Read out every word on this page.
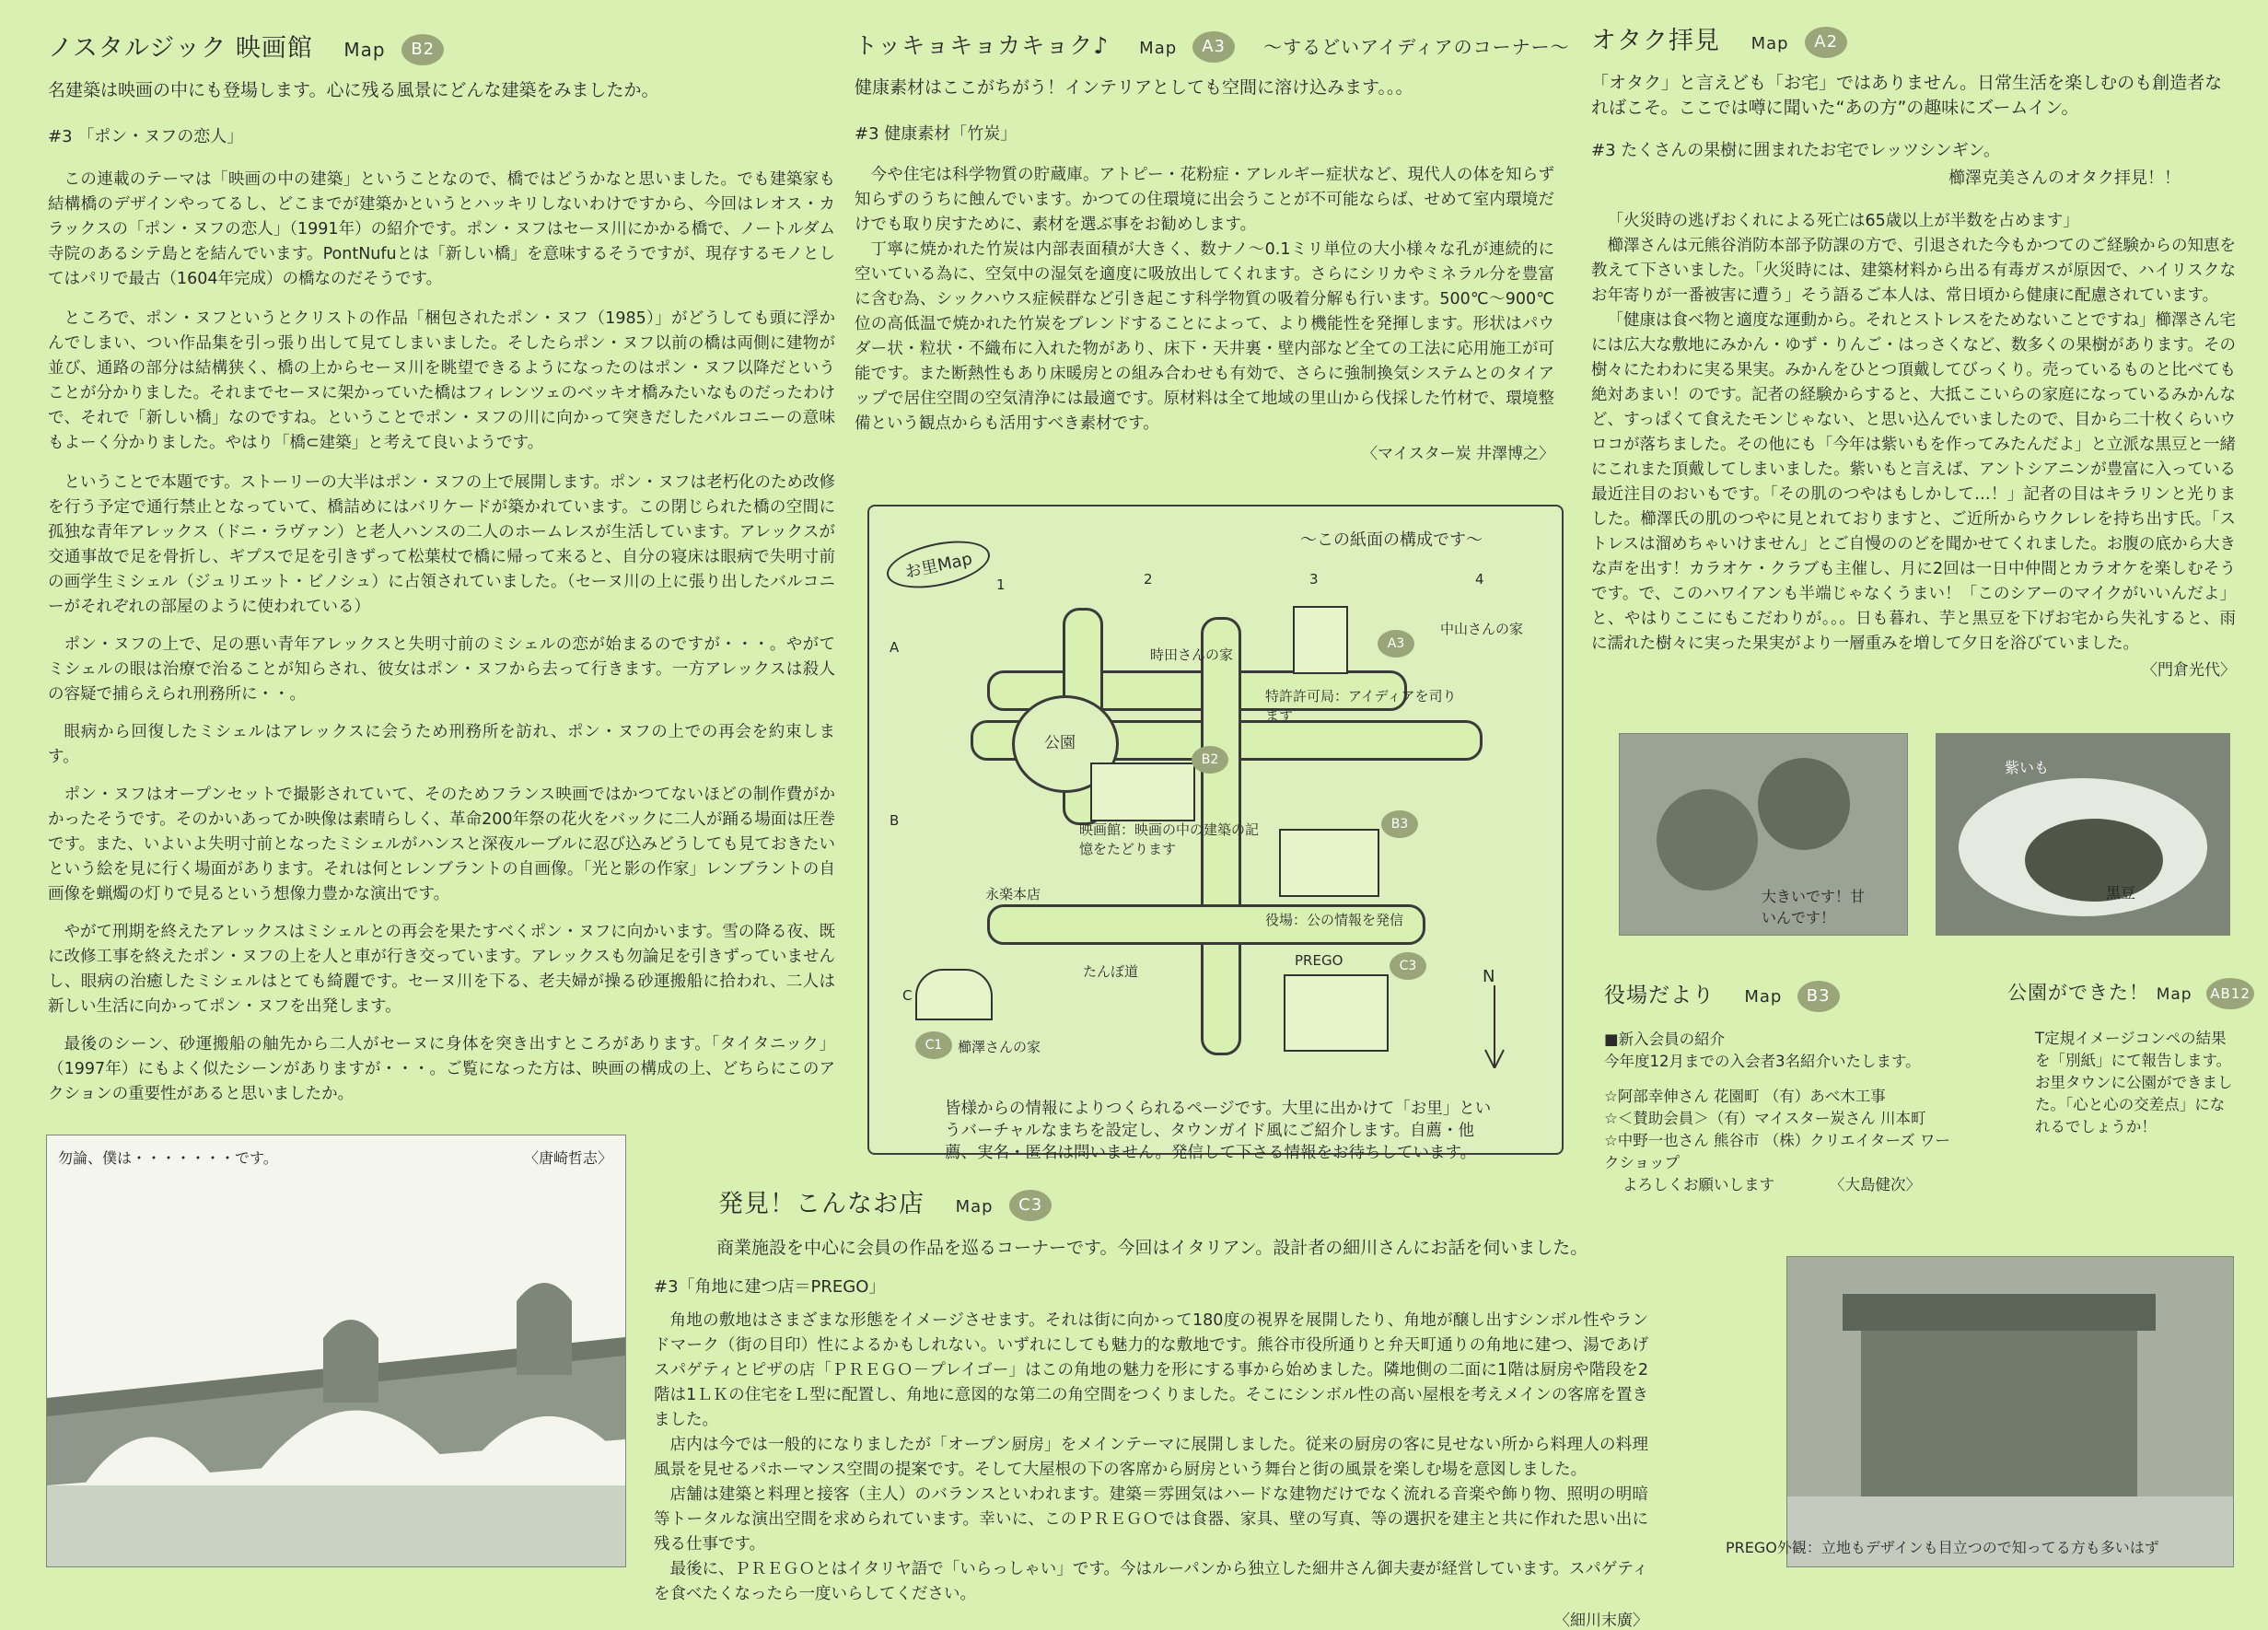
ノスタルジック 映画館 Map B2

名建築は映画の中にも登場します。心に残る風景にどんな建築をみましたか。

#3 「ポン・ヌフの恋人」

この連載のテーマは「映画の中の建築」ということなので、橋ではどうかなと思いました。でも建築家も結構橋のデザインやってるし、どこまでが建築かというとハッキリしないわけですから、今回はレオス・カラックスの「ポン・ヌフの恋人」（1991年）の紹介です。ポン・ヌフはセーヌ川にかかる橋で、ノートルダム寺院のあるシテ島とを結んでいます。PontNufuとは「新しい橋」を意味するそうですが、現存するモノとしてはパリで最古（1604年完成）の橋なのだそうです。

ところで、ポン・ヌフというとクリストの作品「梱包されたポン・ヌフ（1985）」がどうしても頭に浮かんでしまい、つい作品集を引っ張り出して見てしまいました。そしたらポン・ヌフ以前の橋は両側に建物が並び、通路の部分は結構狭く、橋の上からセーヌ川を眺望できるようになったのはポン・ヌフ以降だということが分かりました。それまでセーヌに架かっていた橋はフィレンツェのベッキオ橋みたいなものだったわけで、それで「新しい橋」なのですね。ということでポン・ヌフの川に向かって突きだしたバルコニーの意味もよーく分かりました。やはり「橋⊂建築」と考えて良いようです。

ということで本題です。ストーリーの大半はポン・ヌフの上で展開します。ポン・ヌフは老朽化のため改修を行う予定で通行禁止となっていて、橋詰めにはバリケードが築かれています。この閉じられた橋の空間に孤独な青年アレックス（ドニ・ラヴァン）と老人ハンスの二人のホームレスが生活しています。アレックスが交通事故で足を骨折し、ギプスで足を引きずって松葉杖で橋に帰って来ると、自分の寝床は眼病で失明寸前の画学生ミシェル（ジュリエット・ビノシュ）に占領されていました。（セーヌ川の上に張り出したバルコニーがそれぞれの部屋のように使われている）

ポン・ヌフの上で、足の悪い青年アレックスと失明寸前のミシェルの恋が始まるのですが・・・。やがてミシェルの眼は治療で治ることが知らされ、彼女はポン・ヌフから去って行きます。一方アレックスは殺人の容疑で捕らえられ刑務所に・・。

眼病から回復したミシェルはアレックスに会うため刑務所を訪れ、ポン・ヌフの上での再会を約束します。

ポン・ヌフはオープンセットで撮影されていて、そのためフランス映画ではかつてないほどの制作費がかかったそうです。そのかいあってか映像は素晴らしく、革命200年祭の花火をバックに二人が踊る場面は圧巻です。また、いよいよ失明寸前となったミシェルがハンスと深夜ルーブルに忍び込みどうしても見ておきたいという絵を見に行く場面があります。それは何とレンブラントの自画像。「光と影の作家」レンブラントの自画像を蝋燭の灯りで見るという想像力豊かな演出です。

やがて刑期を終えたアレックスはミシェルとの再会を果たすべくポン・ヌフに向かいます。雪の降る夜、既に改修工事を終えたポン・ヌフの上を人と車が行き交っています。アレックスも勿論足を引きずっていませんし、眼病の治癒したミシェルはとても綺麗です。セーヌ川を下る、老夫婦が操る砂運搬船に拾われ、二人は新しい生活に向かってポン・ヌフを出発します。

最後のシーン、砂運搬船の舳先から二人がセーヌに身体を突き出すところがあります。「タイタニック」（1997年）にもよく似たシーンがありますが・・・。ご覧になった方は、映画の構成の上、どちらにこのアクションの重要性があると思いましたか。

勿論、僕は・・・・・・・です。	〈唐崎哲志〉
トッキョキョカキョク♪ Map A3 ～するどいアイディアのコーナー～

健康素材はここがちがう！インテリアとしても空間に溶け込みます。。。

#3 健康素材「竹炭」

今や住宅は科学物質の貯蔵庫。アトピー・花粉症・アレルギー症状など、現代人の体を知らず知らずのうちに蝕んでいます。かつての住環境に出会うことが不可能ならば、せめて室内環境だけでも取り戻すために、素材を選ぶ事をお勧めします。

丁寧に焼かれた竹炭は内部表面積が大きく、数ナノ～0.1ミリ単位の大小様々な孔が連続的に空いている為に、空気中の湿気を適度に吸放出してくれます。さらにシリカやミネラル分を豊富に含む為、シックハウス症候群など引き起こす科学物質の吸着分解も行います。500℃～900℃位の高低温で焼かれた竹炭をブレンドすることによって、より機能性を発揮します。形状はパウダー状・粒状・不織布に入れた物があり、床下・天井裏・壁内部など全ての工法に応用施工が可能です。また断熱性もあり床暖房との組み合わせも有効で、さらに強制換気システムとのタイアップで居住空間の空気清浄には最適です。原材料は全て地域の里山から伐採した竹材で、環境整備という観点からも活用すべき素材です。

〈マイスター炭 井澤博之〉

お里Map
～この紙面の構成です～
1	2	3	4
A
B
C
公園
時田さんの家
中山さんの家
特許許可局：アイディアを司ります
A3
B2
映画館：映画の中の建築の記憶をたどります
永楽本店
B3
役場：公の情報を発信
たんぼ道
PREGO	C3
C1	櫛澤さんの家
N

皆様からの情報によりつくられるページです。大里に出かけて「お里」というバーチャルなまちを設定し、タウンガイド風にご紹介します。自薦・他薦、実名・匿名は問いません。発信して下さる情報をお待ちしています。

発見！こんなお店 Map C3

商業施設を中心に会員の作品を巡るコーナーです。今回はイタリアン。設計者の細川さんにお話を伺いました。

#3「角地に建つ店＝PREGO」

角地の敷地はさまざまな形態をイメージさせます。それは街に向かって180度の視界を展開したり、角地が醸し出すシンボル性やランドマーク（街の目印）性によるかもしれない。いずれにしても魅力的な敷地です。熊谷市役所通りと弁天町通りの角地に建つ、湯であげスパゲティとピザの店「ＰＲＥＧＯ－プレイゴー」はこの角地の魅力を形にする事から始めました。隣地側の二面に1階は厨房や階段を2階は1ＬＫの住宅をＬ型に配置し、角地に意図的な第二の角空間をつくりました。そこにシンボル性の高い屋根を考えメインの客席を置きました。

店内は今では一般的になりましたが「オープン厨房」をメインテーマに展開しました。従来の厨房の客に見せない所から料理人の料理風景を見せるパホーマンス空間の提案です。そして大屋根の下の客席から厨房という舞台と街の風景を楽しむ場を意図しました。

店舗は建築と料理と接客（主人）のバランスといわれます。建築＝雰囲気はハードな建物だけでなく流れる音楽や飾り物、照明の明暗等トータルな演出空間を求められています。幸いに、このＰＲＥＧＯでは食器、家具、壁の写真、等の選択を建主と共に作れた思い出に残る仕事です。

最後に、ＰＲＥＧＯとはイタリヤ語で「いらっしゃい」です。今はルーパンから独立した細井さん御夫妻が経営しています。スパゲティを食べたくなったら一度いらしてください。

〈細川末廣〉

オタク拝見 Map A2

「オタク」と言えども「お宅」ではありません。日常生活を楽しむのも創造者なればこそ。ここでは噂に聞いた“あの方”の趣味にズームイン。

#3 たくさんの果樹に囲まれたお宅でレッツシンギン。

櫛澤克美さんのオタク拝見！！

「火災時の逃げおくれによる死亡は65歳以上が半数を占めます」

櫛澤さんは元熊谷消防本部予防課の方で、引退された今もかつてのご経験からの知恵を教えて下さいました。「火災時には、建築材料から出る有毒ガスが原因で、ハイリスクなお年寄りが一番被害に遭う」そう語るご本人は、常日頃から健康に配慮されています。

「健康は食べ物と適度な運動から。それとストレスをためないことですね」櫛澤さん宅には広大な敷地にみかん・ゆず・りんご・はっさくなど、数多くの果樹があります。その樹々にたわわに実る果実。みかんをひとつ頂戴してびっくり。売っているものと比べても絶対あまい！のです。記者の経験からすると、大抵ここいらの家庭になっているみかんなど、すっぱくて食えたモンじゃない、と思い込んでいましたので、目から二十枚くらいウロコが落ちました。その他にも「今年は紫いもを作ってみたんだよ」と立派な黒豆と一緒にこれまた頂戴してしまいました。紫いもと言えば、アントシアニンが豊富に入っている最近注目のおいもです。「その肌のつやはもしかして…！」記者の目はキラリンと光りました。櫛澤氏の肌のつやに見とれておりますと、ご近所からウクレレを持ち出す氏。「ストレスは溜めちゃいけません」とご自慢ののどを聞かせてくれました。お腹の底から大きな声を出す！カラオケ・クラブも主催し、月に2回は一日中仲間とカラオケを楽しむそうです。で、このハワイアンも半端じゃなくうまい！「このシアーのマイクがいいんだよ」と、やはりここにもこだわりが。。。日も暮れ、芋と黒豆を下げお宅から失礼すると、雨に濡れた樹々に実った果実がより一層重みを増して夕日を浴びていました。

〈門倉光代〉

大きいです！甘いんです！
紫いも
黒豆
役場だより Map B3
■新入会員の紹介
今年度12月までの入会者3名紹介いたします。
☆阿部幸伸さん 花園町 （有）あべ木工事
☆＜賛助会員＞（有）マイスター炭さん 川本町
☆中野一也さん 熊谷市 （株）クリエイターズ ワークショップ
よろしくお願いします	〈大島健次〉
公園ができた！ Map AB12

T定規イメージコンペの結果を「別紙」にて報告します。お里タウンに公園ができました。「心と心の交差点」になれるでしょうか！

PREGO外観：立地もデザインも目立つので知ってる方も多いはず
